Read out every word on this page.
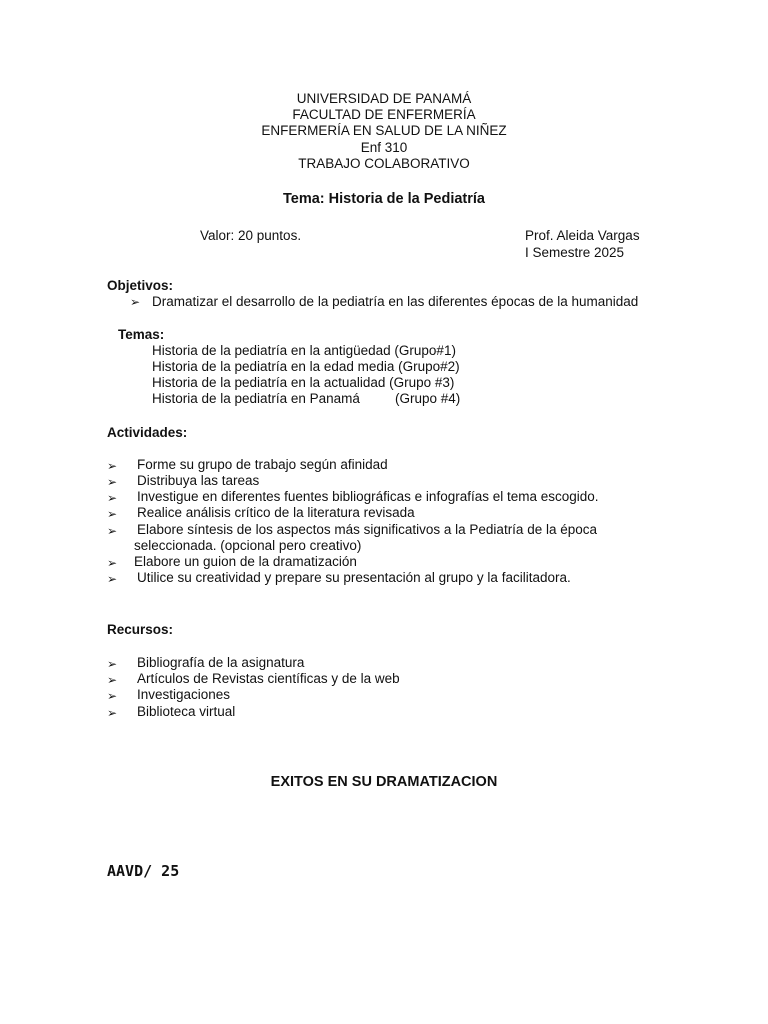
UNIVERSIDAD DE PANAMÁ
FACULTAD DE ENFERMERÍA
ENFERMERÍA EN SALUD DE LA NIÑEZ
Enf 310
TRABAJO COLABORATIVO
Tema: Historia de la Pediatría
Valor: 20 puntos.	Prof. Aleida Vargas
I Semestre 2025
Objetivos:
➢ Dramatizar el desarrollo de la pediatría en las diferentes épocas de la humanidad
Temas:
Historia de la pediatría en la antigüedad (Grupo#1)
Historia de la pediatría en la edad media (Grupo#2)
Historia de la pediatría en la actualidad (Grupo #3)
Historia de la pediatría en Panamá	(Grupo #4)
Actividades:
➢ Forme su grupo de trabajo según afinidad
➢ Distribuya las tareas
➢ Investigue en diferentes fuentes bibliográficas e infografías el tema escogido.
➢ Realice análisis crítico de la literatura revisada
➢ Elabore síntesis de los aspectos más significativos a la Pediatría de la época
seleccionada. (opcional pero creativo)
➢ Elabore un guion de la dramatización
➢ Utilice su creatividad y prepare su presentación al grupo y la facilitadora.
Recursos:
➢ Bibliografía de la asignatura
➢ Artículos de Revistas científicas y de la web
➢ Investigaciones
➢ Biblioteca virtual
EXITOS EN SU DRAMATIZACION
AAVD/ 25
